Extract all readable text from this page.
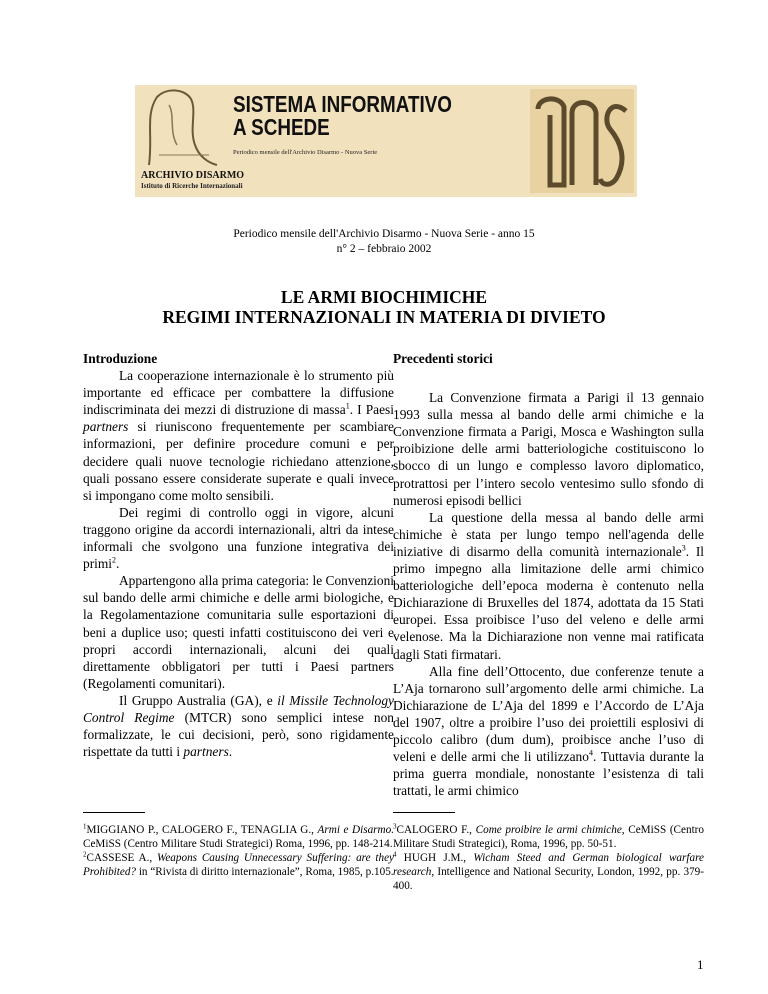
SISTEMA INFORMATIVO
A SCHEDE
Periodico mensile dell'Archivio Disarmo - Nuova Serie
ARCHIVIO DISARMO
Istituto di Ricerche Internazionali
Periodico mensile dell'Archivio Disarmo - Nuova Serie - anno 15
n° 2 – febbraio 2002
LE ARMI BIOCHIMICHE
REGIMI INTERNAZIONALI IN MATERIA DI DIVIETO
Introduzione

La cooperazione internazionale è lo strumento più importante ed efficace per combattere la diffusione indiscriminata dei mezzi di distruzione di massa$^1$. I Paesi partners si riuniscono frequentemente per scambiare informazioni, per definire procedure comuni e per decidere quali nuove tecnologie richiedano attenzione, quali possano essere considerate superate e quali invece si impongano come molto sensibili.

Dei regimi di controllo oggi in vigore, alcuni traggono origine da accordi internazionali, altri da intese informali che svolgono una funzione integrativa dei primi$^2$.

Appartengono alla prima categoria: le Convenzioni sul bando delle armi chimiche e delle armi biologiche, e la Regolamentazione comunitaria sulle esportazioni di beni a duplice uso; questi infatti costituiscono dei veri e propri accordi internazionali, alcuni dei quali direttamente obbligatori per tutti i Paesi partners (Regolamenti comunitari).

Il Gruppo Australia (GA), e il Missile Technology Control Regime (MTCR) sono semplici intese non formalizzate, le cui decisioni, però, sono rigidamente rispettate da tutti i partners.

Precedenti storici

La Convenzione firmata a Parigi il 13 gennaio 1993 sulla messa al bando delle armi chimiche e la Convenzione firmata a Parigi, Mosca e Washington sulla proibizione delle armi batteriologiche costituiscono lo sbocco di un lungo e complesso lavoro diplomatico, protrattosi per l’intero secolo ventesimo sullo sfondo di numerosi episodi bellici

La questione della messa al bando delle armi chimiche è stata per lungo tempo nell'agenda delle iniziative di disarmo della comunità internazionale$^3$. Il primo impegno alla limitazione delle armi chimico batteriologiche dell’epoca moderna è contenuto nella Dichiarazione di Bruxelles del 1874, adottata da 15 Stati europei. Essa proibisce l’uso del veleno e delle armi velenose. Ma la Dichiarazione non venne mai ratificata dagli Stati firmatari.

Alla fine dell’Ottocento, due conferenze tenute a L’Aja tornarono sull’argomento delle armi chimiche. La Dichiarazione de L’Aja del 1899 e l’Accordo de L’Aja del 1907, oltre a proibire l’uso dei proiettili esplosivi di piccolo calibro (dum dum), proibisce anche l’uso di veleni e delle armi che li utilizzano$^4$. Tuttavia durante la prima guerra mondiale, nonostante l’esistenza di tali trattati, le armi chimico

$^1$MIGGIANO P., CALOGERO F., TENAGLIA G., Armi e Disarmo. CeMiSS (Centro Militare Studi Strategici) Roma, 1996, pp. 148-214.

$^2$CASSESE A., Weapons Causing Unnecessary Suffering: are they Prohibited? in “Rivista di diritto internazionale”, Roma, 1985, p.105.

$^3$CALOGERO F., Come proibire le armi chimiche, CeMiSS (Centro Militare Studi Strategici), Roma, 1996, pp. 50-51.

$^4$ HUGH J.M., Wicham Steed and German biological warfare research, Intelligence and National Security, London, 1992, pp. 379-400.

1
